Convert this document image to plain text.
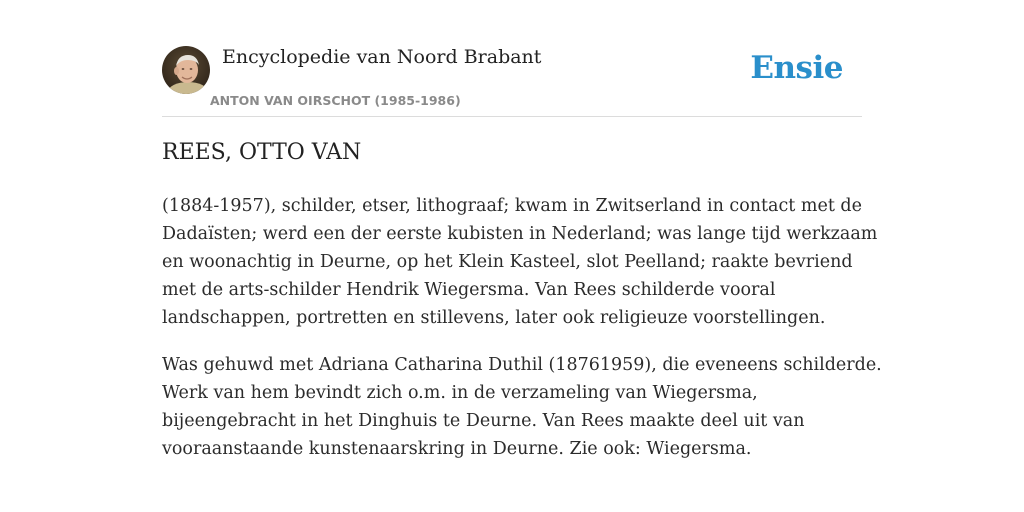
Encyclopedie van Noord Brabant
ANTON VAN OIRSCHOT (1985-1986)
Ensie
REES, OTTO VAN

(1884-1957), schilder, etser, lithograaf; kwam in Zwitserland in contact met de
Dadaïsten; werd een der eerste kubisten in Nederland; was lange tijd werkzaam
en woonachtig in Deurne, op het Klein Kasteel, slot Peelland; raakte bevriend
met de arts-schilder Hendrik Wiegersma. Van Rees schilderde vooral
landschappen, portretten en stillevens, later ook religieuze voorstellingen.

Was gehuwd met Adriana Catharina Duthil (18761959), die eveneens schilderde.
Werk van hem bevindt zich o.m. in de verzameling van Wiegersma,
bijeengebracht in het Dinghuis te Deurne. Van Rees maakte deel uit van
vooraanstaande kunstenaarskring in Deurne. Zie ook: Wiegersma.
